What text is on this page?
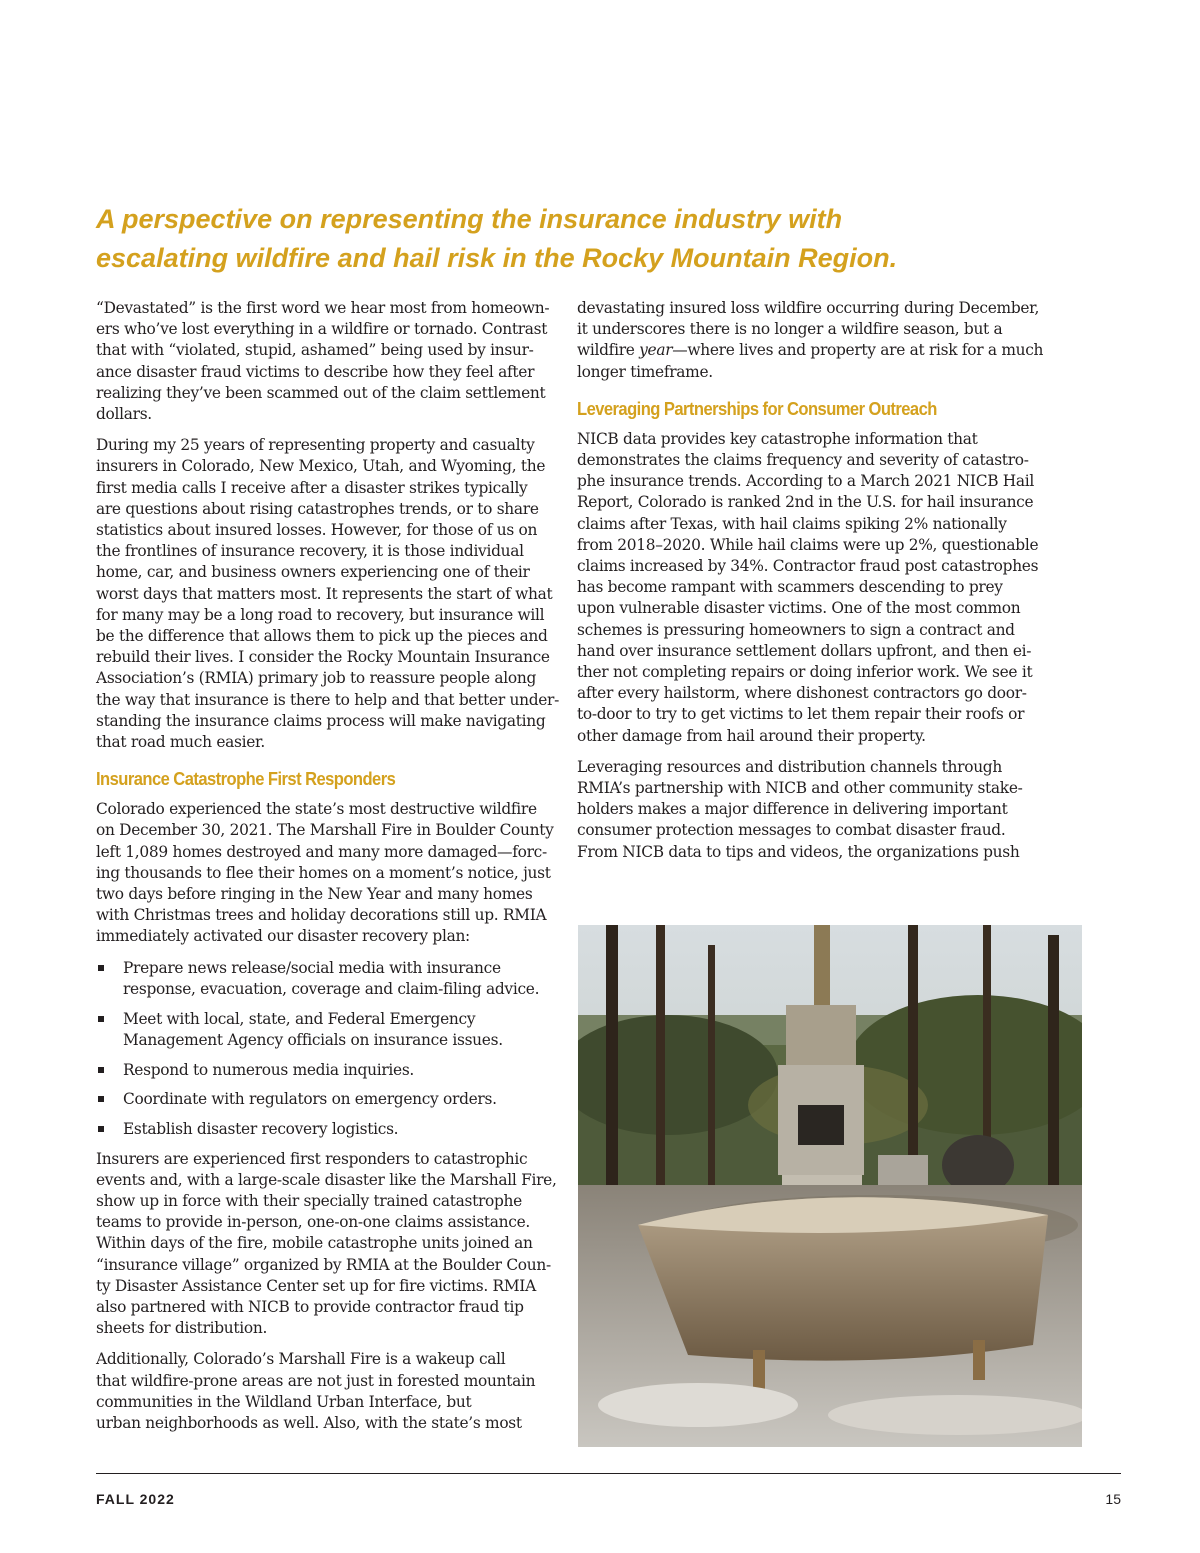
A perspective on representing the insurance industry with
escalating wildfire and hail risk in the Rocky Mountain Region.

“Devastated” is the first word we hear most from homeown-
ers who’ve lost everything in a wildfire or tornado. Contrast
that with “violated, stupid, ashamed” being used by insur-
ance disaster fraud victims to describe how they feel after
realizing they’ve been scammed out of the claim settlement
dollars.

During my 25 years of representing property and casualty
insurers in Colorado, New Mexico, Utah, and Wyoming, the
first media calls I receive after a disaster strikes typically
are questions about rising catastrophes trends, or to share
statistics about insured losses. However, for those of us on
the frontlines of insurance recovery, it is those individual
home, car, and business owners experiencing one of their
worst days that matters most. It represents the start of what
for many may be a long road to recovery, but insurance will
be the difference that allows them to pick up the pieces and
rebuild their lives. I consider the Rocky Mountain Insurance
Association’s (RMIA) primary job to reassure people along
the way that insurance is there to help and that better under-
standing the insurance claims process will make navigating
that road much easier.

Insurance Catastrophe First Responders

Colorado experienced the state’s most destructive wildfire
on December 30, 2021. The Marshall Fire in Boulder County
left 1,089 homes destroyed and many more damaged—forc-
ing thousands to flee their homes on a moment’s notice, just
two days before ringing in the New Year and many homes
with Christmas trees and holiday decorations still up. RMIA
immediately activated our disaster recovery plan:

Prepare news release/social media with insurance
response, evacuation, coverage and claim-filing advice.
Meet with local, state, and Federal Emergency
Management Agency officials on insurance issues.
Respond to numerous media inquiries.
Coordinate with regulators on emergency orders.
Establish disaster recovery logistics.

Insurers are experienced first responders to catastrophic
events and, with a large-scale disaster like the Marshall Fire,
show up in force with their specially trained catastrophe
teams to provide in-person, one-on-one claims assistance.
Within days of the fire, mobile catastrophe units joined an
“insurance village” organized by RMIA at the Boulder Coun-
ty Disaster Assistance Center set up for fire victims. RMIA
also partnered with NICB to provide contractor fraud tip
sheets for distribution.

Additionally, Colorado’s Marshall Fire is a wakeup call
that wildfire-prone areas are not just in forested mountain
communities in the Wildland Urban Interface, but
urban neighborhoods as well. Also, with the state’s most

devastating insured loss wildfire occurring during December,
it underscores there is no longer a wildfire season, but a
wildfire year—where lives and property are at risk for a much
longer timeframe.

Leveraging Partnerships for Consumer Outreach

NICB data provides key catastrophe information that
demonstrates the claims frequency and severity of catastro-
phe insurance trends. According to a March 2021 NICB Hail
Report, Colorado is ranked 2nd in the U.S. for hail insurance
claims after Texas, with hail claims spiking 2% nationally
from 2018–2020. While hail claims were up 2%, questionable
claims increased by 34%. Contractor fraud post catastrophes
has become rampant with scammers descending to prey
upon vulnerable disaster victims. One of the most common
schemes is pressuring homeowners to sign a contract and
hand over insurance settlement dollars upfront, and then ei-
ther not completing repairs or doing inferior work. We see it
after every hailstorm, where dishonest contractors go door-
to-door to try to get victims to let them repair their roofs or
other damage from hail around their property.

Leveraging resources and distribution channels through
RMIA’s partnership with NICB and other community stake-
holders makes a major difference in delivering important
consumer protection messages to combat disaster fraud.
From NICB data to tips and videos, the organizations push

FALL 2022	15
